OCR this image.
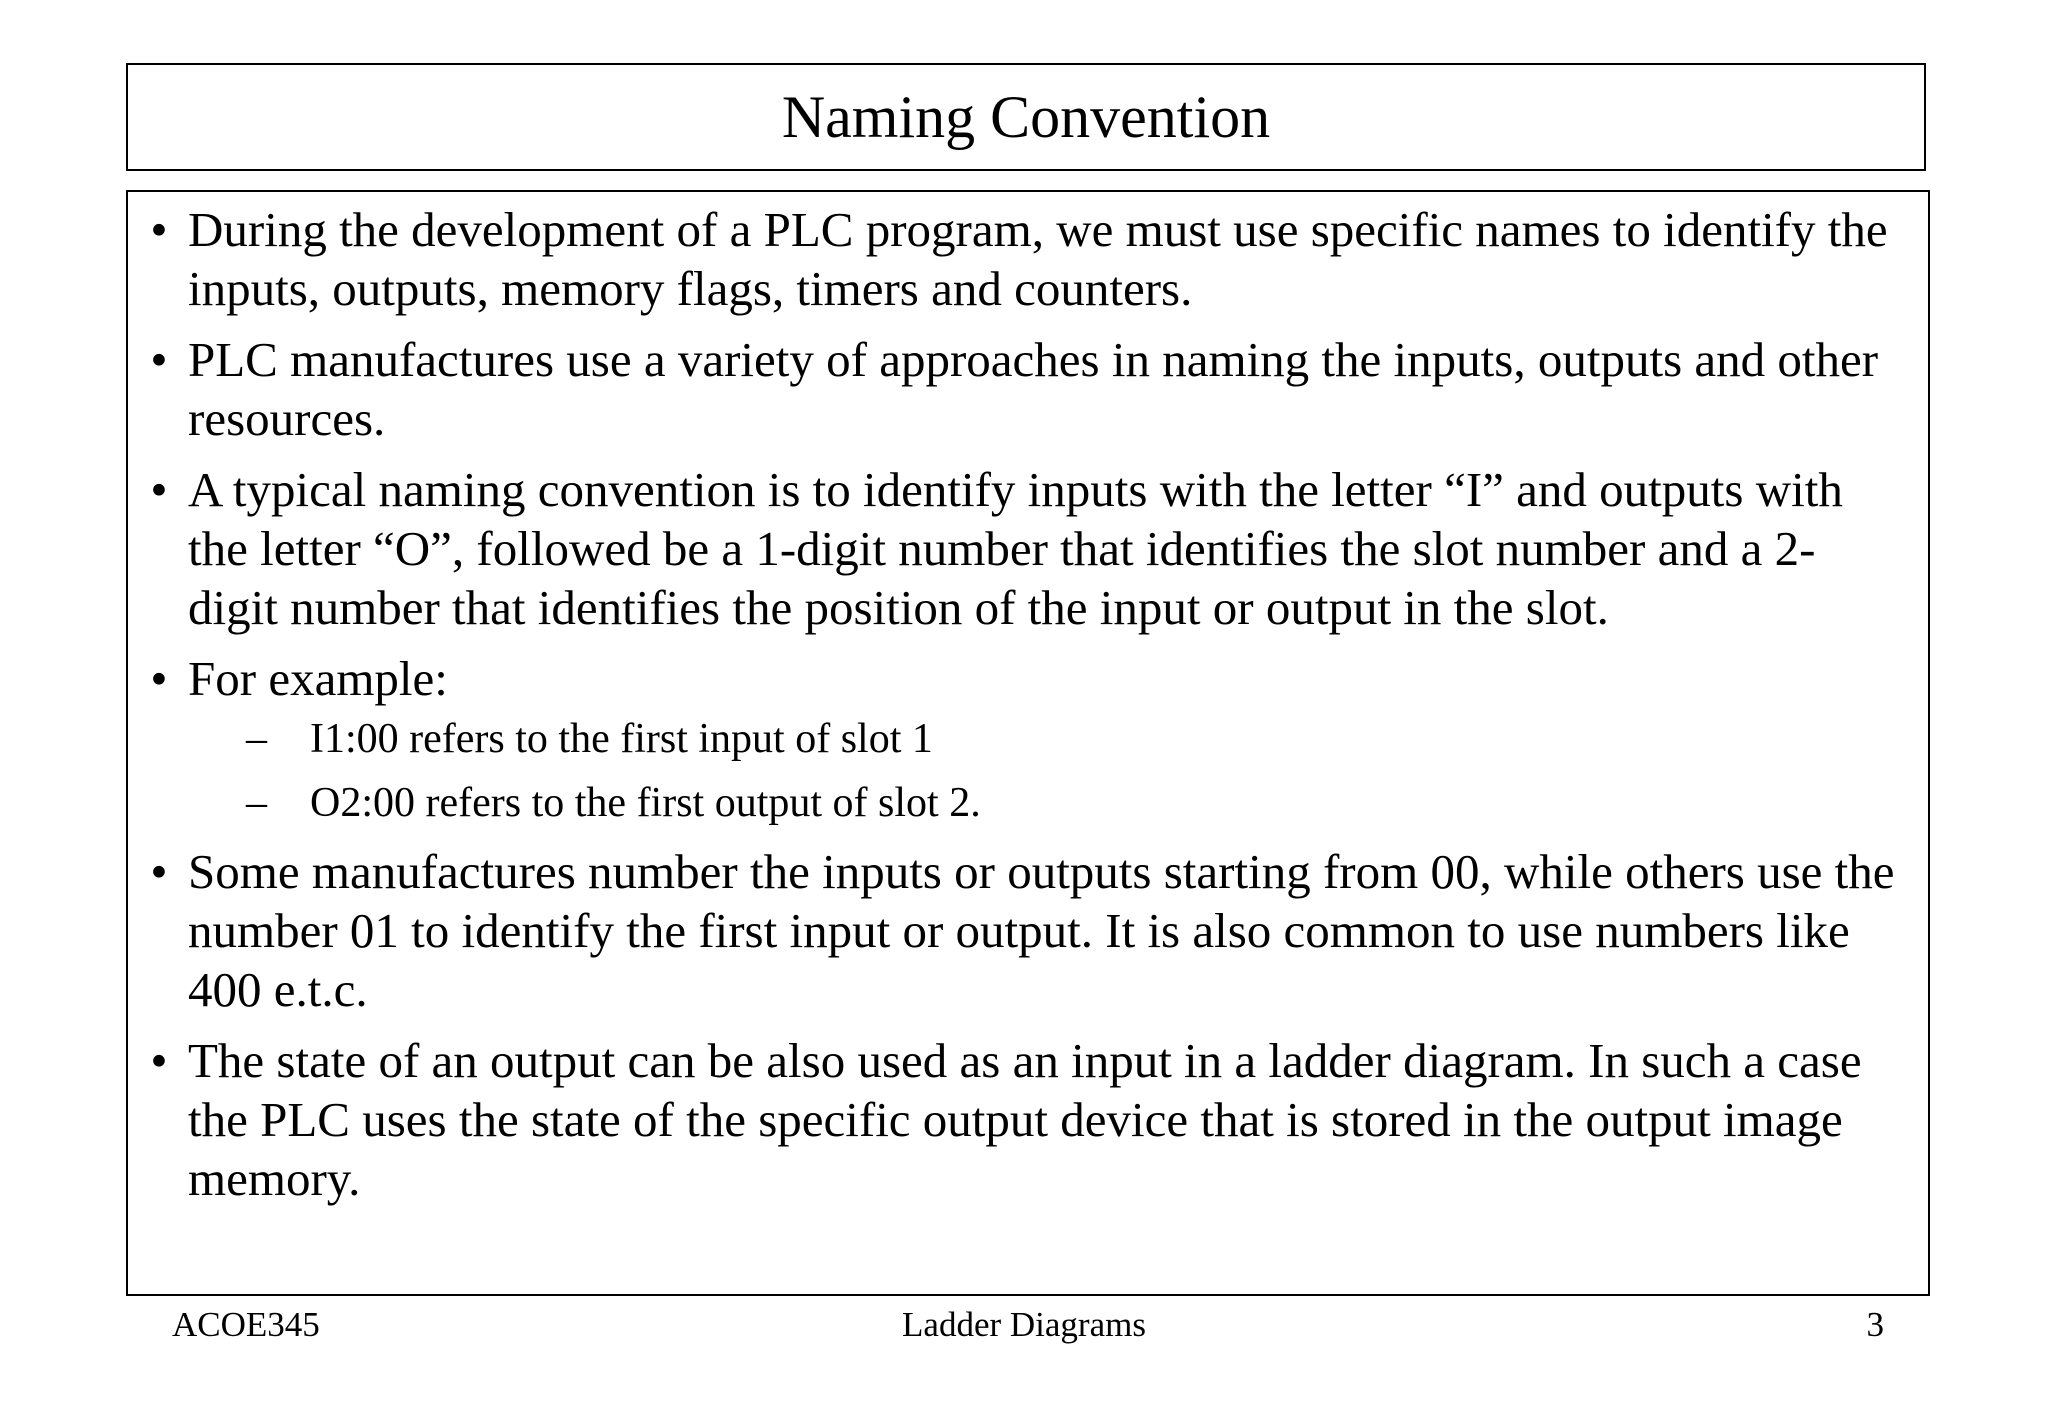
Naming Convention
• During the development of a PLC program, we must use specific names to identify the inputs, outputs, memory flags, timers and counters.
• PLC manufactures use a variety of approaches in naming the inputs, outputs and other resources.
• A typical naming convention is to identify inputs with the letter “I” and outputs with the letter “O”, followed be a 1-digit number that identifies the slot number and a 2-digit number that identifies the position of the input or output in the slot.
• For example:
– I1:00 refers to the first input of slot 1
– O2:00 refers to the first output of slot 2.
• Some manufactures number the inputs or outputs starting from 00, while others use the number 01 to identify the first input or output. It is also common to use numbers like 400 e.t.c.
• The state of an output can be also used as an input in a ladder diagram. In such a case the PLC uses the state of the specific output device that is stored in the output image memory.
ACOE345	Ladder Diagrams	3
